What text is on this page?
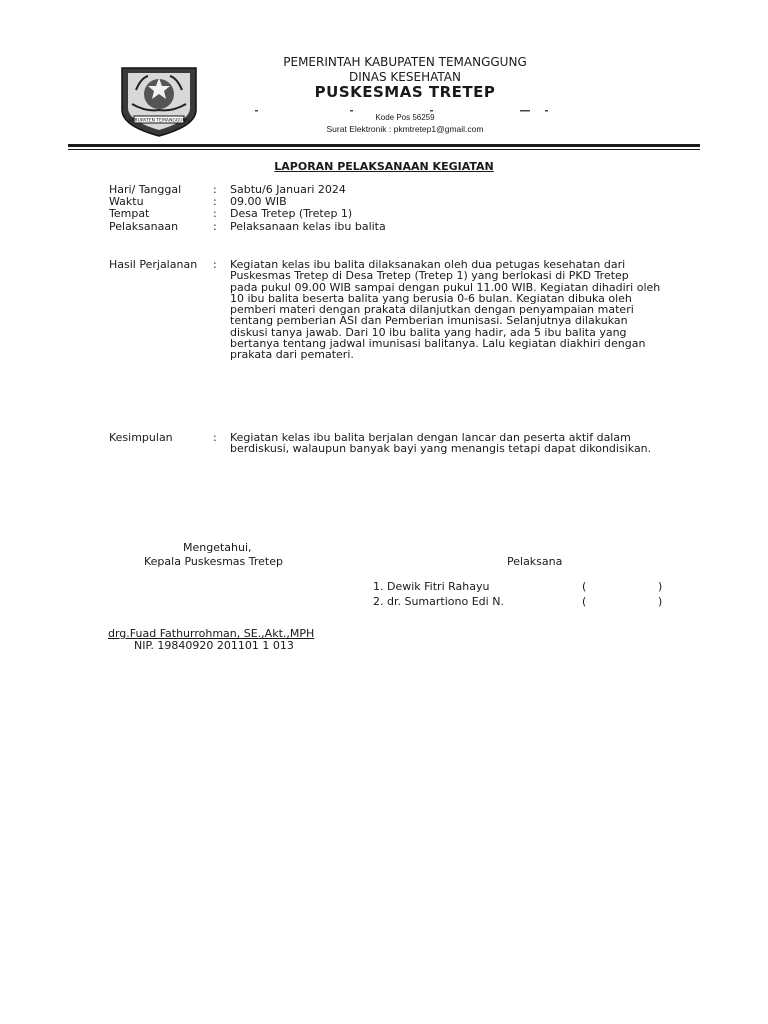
KABUPATEN TEMANGGUNG
PEMERINTAH KABUPATEN TEMANGGUNG
DINAS KESEHATAN
PUSKESMAS TRETEP
Kode Pos 56259
Surat Elektronik : pkmtretep1@gmail.com
LAPORAN PELAKSANAAN KEGIATAN
Hari/ Tanggal	: Sabtu/6 Januari 2024
Waktu	: 09.00 WIB
Tempat	: Desa Tretep (Tretep 1)
Pelaksanaan	: Pelaksanaan kelas ibu balita
Hasil Perjalanan : Kegiatan kelas ibu balita dilaksanakan oleh dua petugas kesehatan dari
Puskesmas Tretep di Desa Tretep (Tretep 1) yang berlokasi di PKD Tretep
pada pukul 09.00 WIB sampai dengan pukul 11.00 WIB. Kegiatan dihadiri oleh
10 ibu balita beserta balita yang berusia 0-6 bulan. Kegiatan dibuka oleh
pemberi materi dengan prakata dilanjutkan dengan penyampaian materi
tentang pemberian ASI dan Pemberian imunisasi. Selanjutnya dilakukan
diskusi tanya jawab. Dari 10 ibu balita yang hadir, ada 5 ibu balita yang
bertanya tentang jadwal imunisasi balitanya. Lalu kegiatan diakhiri dengan
prakata dari pemateri.
Kesimpulan	: Kegiatan kelas ibu balita berjalan dengan lancar dan peserta aktif dalam
berdiskusi, walaupun banyak bayi yang menangis tetapi dapat dikondisikan.
Mengetahui,
Kepala Puskesmas Tretep	Pelaksana
1. Dewik Fitri Rahayu	(	)
2. dr. Sumartiono Edi N.	(	)
drg.Fuad Fathurrohman, SE.,Akt.,MPH
NIP. 19840920 201101 1 013
